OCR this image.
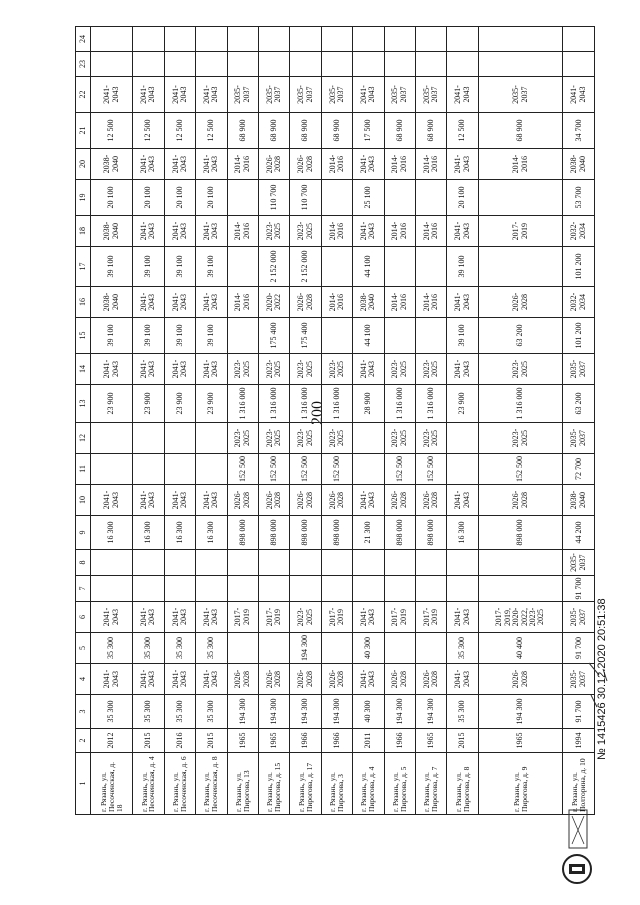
200
1	2	3	4	5	6	7	8	9	10	11	12	13	14	15	16	17	18	19	20	21	22	23	24
г. Рязань, ул. Песоченская, д. 18	2012	35 300	2041-2043	35 300	2041-2043			16 300	2041-2043			23 900	2041-2043	39 100	2038-2040	39 100	2038-2040	20 100	2038-2040	12 500	2041-2043		
г. Рязань, ул. Песоченская, д. 4	2015	35 300	2041-2043	35 300	2041-2043			16 300	2041-2043			23 900	2041-2043	39 100	2041-2043	39 100	2041-2043	20 100	2041-2043	12 500	2041-2043		
г. Рязань, ул. Песоченская, д. 6	2016	35 300	2041-2043	35 300	2041-2043			16 300	2041-2043			23 900	2041-2043	39 100	2041-2043	39 100	2041-2043	20 100	2041-2043	12 500	2041-2043		
г. Рязань, ул. Песоченская, д. 8	2015	35 300	2041-2043	35 300	2041-2043			16 300	2041-2043			23 900	2041-2043	39 100	2041-2043	39 100	2041-2043	20 100	2041-2043	12 500	2041-2043		
г. Рязань, ул. Пирогова, 13	1965	194 300	2026-2028		2017-2019			898 000	2026-2028	152 500	2023-2025	1 316 000	2023-2025		2014-2016		2014-2016		2014-2016	68 900	2035-2037		
г. Рязань, ул. Пирогова, д. 15	1965	194 300	2026-2028		2017-2019			898 000	2026-2028	152 500	2023-2025	1 316 000	2023-2025	175 400	2020-2022	2 152 000	2023-2025	110 700	2026-2028	68 900	2035-2037		
г. Рязань, ул. Пирогова, д. 17	1966	194 300	2026-2028	194 300	2023-2025			898 000	2026-2028	152 500	2023-2025	1 316 000	2023-2025	175 400	2026-2028	2 152 000	2023-2025	110 700	2026-2028	68 900	2035-2037		
г. Рязань, ул. Пирогова, 3	1966	194 300	2026-2028		2017-2019			898 000	2026-2028	152 500	2023-2025	1 316 000	2023-2025		2014-2016		2014-2016		2014-2016	68 900	2035-2037		
г. Рязань, ул. Пирогова, д. 4	2011	40 300	2041-2043	40 300	2041-2043			21 300	2041-2043			28 900	2041-2043	44 100	2038-2040	44 100	2041-2043	25 100	2041-2043	17 500	2041-2043		
г. Рязань, ул. Пирогова, д. 5	1966	194 300	2026-2028		2017-2019			898 000	2026-2028	152 500	2023-2025	1 316 000	2023-2025		2014-2016		2014-2016		2014-2016	68 900	2035-2037		
г. Рязань, ул. Пирогова, д. 7	1965	194 300	2026-2028		2017-2019			898 000	2026-2028	152 500	2023-2025	1 316 000	2023-2025		2014-2016		2014-2016		2014-2016	68 900	2035-2037		
г. Рязань, ул. Пирогова, д. 8	2015	35 300	2041-2043	35 300	2041-2043			16 300	2041-2043			23 900	2041-2043	39 100	2041-2043	39 100	2041-2043	20 100	2041-2043	12 500	2041-2043		
г. Рязань, ул. Пирогова, д. 9	1965	194 300	2026-2028	40 400	2017-2019, 2020-2022, 2023-2025			898 000	2026-2028	152 500	2023-2025	1 316 000	2023-2025	63 200	2026-2028		2017-2019		2014-2016	68 900	2035-2037		
г. Рязань, ул. Полторина, д. 10	1994	91 700	2035-2037	91 700	2035-2037	91 700	2035-2037	44 200	2038-2040	72 700	2035-2037	63 200	2035-2037	101 200	2032-2034	101 200	2032-2034	53 700	2038-2040	34 700	2041-2043		
№ 1415426 30.12.2020 20:51:38
